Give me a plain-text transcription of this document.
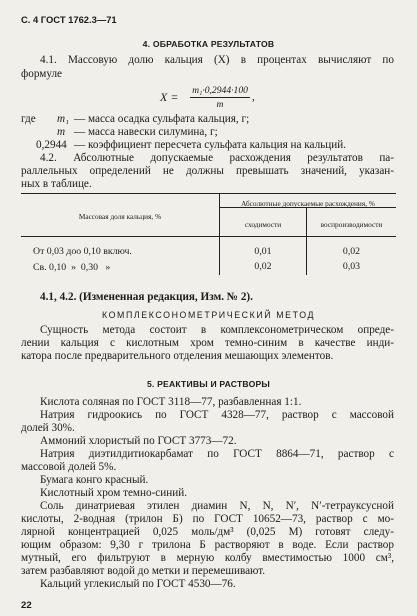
С. 4 ГОСТ 1762.3—71
4. ОБРАБОТКА РЕЗУЛЬТАТОВ
4.1. Массовую долю кальция (X) в процентах вычисляют по
формуле
X = m₁·0,2944·100
m
,
где m₁ — масса осадка сульфата кальция, г;
m — масса навески силумина, г;
0,2944 — коэффициент пересчета сульфата кальция на кальций.
4.2. Абсолютные допускаемые расхождения результатов па-
раллельных определений не должны превышать значений, указан-
ных в таблице.
Массовая доля кальция, %
Абсолютные допускаемые расхождения, %
сходимости	воспроизводимости
От 0,03 доо 0,10 включ.	0,01	0,02
Св. 0,10  »  0,30   »	0,02	0,03
4.1, 4.2. (Измененная редакция, Изм. № 2).
КОМПЛЕКСОНОМЕТРИЧЕСКИЙ МЕТОД
Сущность метода состоит в комплексонометрическом опреде-
лении кальция с кислотным хром темно-синим в качестве инди-
катора после предварительного отделения мешающих элементов.
5. РЕАКТИВЫ И РАСТВОРЫ
Кислота соляная по ГОСТ 3118—77, разбавленная 1:1.
Натрия гидроокись по ГОСТ 4328—77, раствор с массовой
долей 30%.
Аммоний хлористый по ГОСТ 3773—72.
Натрия диэтилдитиокарбамат по ГОСТ 8864—71, раствор с
массовой долей 5%.
Бумага конго красный.
Кислотный хром темно-синий.
Соль динатриевая этилен диамин N, N, N′, N′-тетрауксусной
кислоты, 2-водная (трилон Б) по ГОСТ 10652—73, раствор с мо-
лярной концентрацией 0,025 моль/дм³ (0,025 М) готовят следу-
ющим образом: 9,30 г трилона Б растворяют в воде. Если раствор
мутный, его фильтруют в мерную колбу вместимостью 1000 см³,
затем разбавляют водой до метки и перемешивают.
Кальций углекислый по ГОСТ 4530—76.
22
